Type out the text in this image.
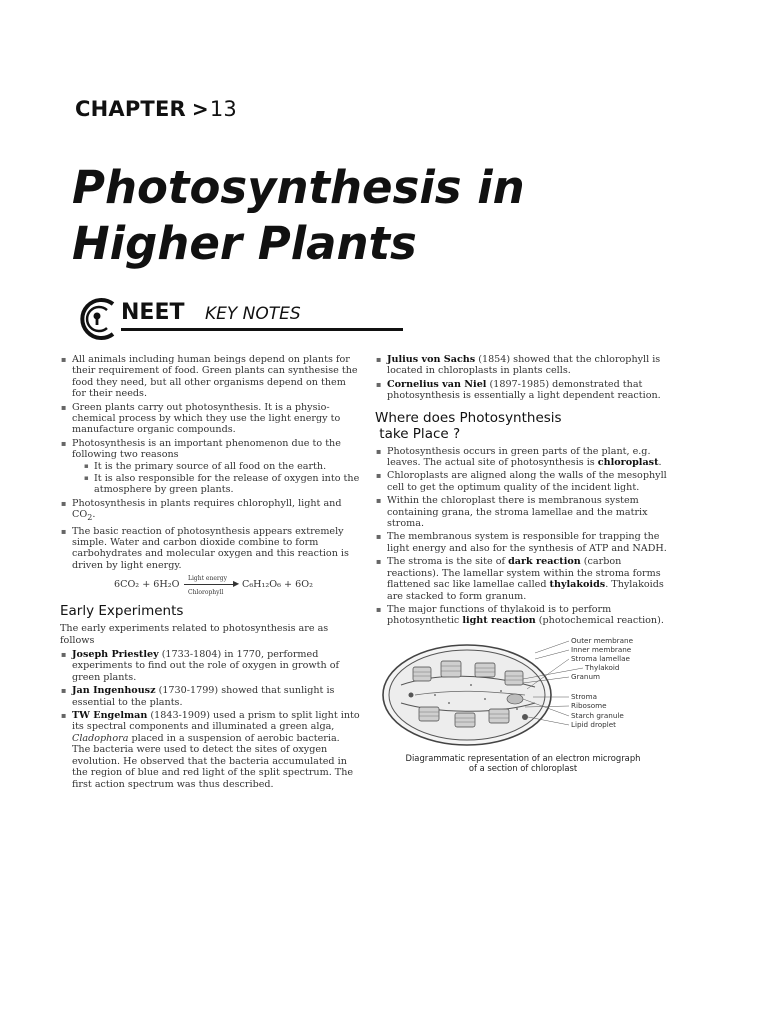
CHAPTER >13
Photosynthesis in Higher Plants
NEET KEY NOTES
▪ All animals including human beings depend on plants for their requirement of food. Green plants can synthesise the food they need, but all other organisms depend on them for their needs.
▪ Green plants carry out photosynthesis. It is a physio-chemical process by which they use the light energy to manufacture organic compounds.
▪ Photosynthesis is an important phenomenon due to the following two reasons
▪ It is the primary source of all food on the earth.
▪ It is also responsible for the release of oxygen into the atmosphere by green plants.
▪ Photosynthesis in plants requires chlorophyll, light and $CO_2$.
▪ The basic reaction of photosynthesis appears extremely simple. Water and carbon dioxide combine to form carbohydrates and molecular oxygen and this reaction is driven by light energy.
6CO₂ + 6H₂O
Light energy
▶
Chlorophyll
C₆H₁₂O₆ + 6O₂
Early Experiments

The early experiments related to photosynthesis are as follows

▪ Joseph Priestley (1733-1804) in 1770, performed experiments to find out the role of oxygen in growth of green plants.
▪ Jan Ingenhousz (1730-1799) showed that sunlight is essential to the plants.
▪ TW Engelman (1843-1909) used a prism to split light into its spectral components and illuminated a green alga, Cladophora placed in a suspension of aerobic bacteria. The bacteria were used to detect the sites of oxygen evolution. He observed that the bacteria accumulated in the region of blue and red light of the split spectrum. The first action spectrum was thus described.
▪ Julius von Sachs (1854) showed that the chlorophyll is located in chloroplasts in plants cells.
▪ Cornelius van Niel (1897-1985) demonstrated that photosynthesis is essentially a light dependent reaction.
Where does Photosynthesis
take Place ?
▪ Photosynthesis occurs in green parts of the plant, e.g. leaves. The actual site of photosynthesis is chloroplast.
▪ Chloroplasts are aligned along the walls of the mesophyll cell to get the optimum quality of the incident light.
▪ Within the chloroplast there is membranous system containing grana, the stroma lamellae and the matrix stroma.
▪ The membranous system is responsible for trapping the light energy and also for the synthesis of ATP and NADH.
▪ The stroma is the site of dark reaction (carbon reactions). The lamellar system within the stroma forms flattened sac like lamellae called thylakoids. Thylakoids are stacked to form granum.
▪ The major functions of thylakoid is to perform photosynthetic light reaction (photochemical reaction).
Outer membrane
Inner membrane
Stroma lamellae
Thylakoid
Granum
Stroma
Ribosome
Starch granule
Lipid droplet
Diagrammatic representation of an electron micrograph
of a section of chloroplast
